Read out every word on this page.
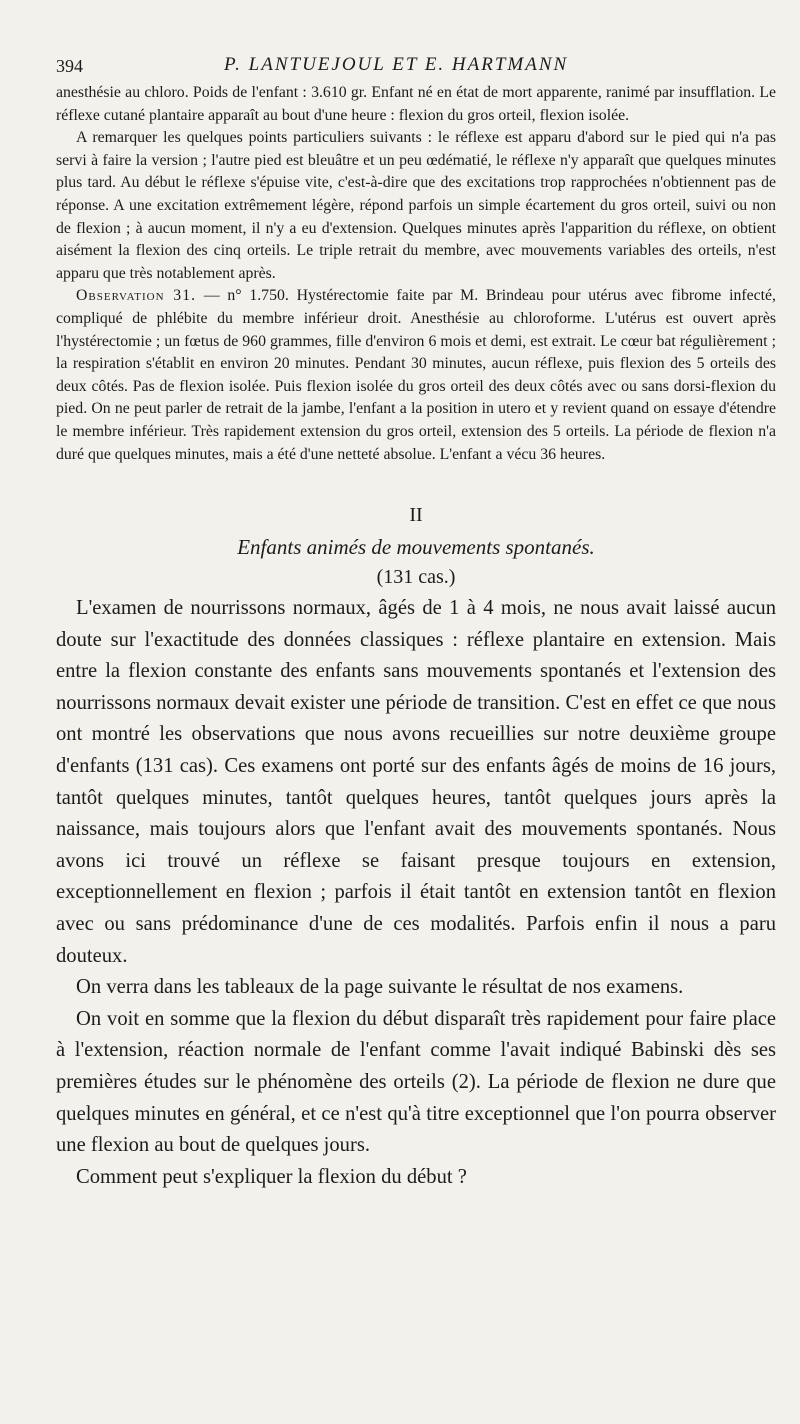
394	P. LANTUEJOUL ET E. HARTMANN

anesthésie au chloro. Poids de l'enfant : 3.610 gr. Enfant né en état de mort apparente, ranimé par insufflation. Le réflexe cutané plantaire apparaît au bout d'une heure : flexion du gros orteil, flexion isolée.

A remarquer les quelques points particuliers suivants : le réflexe est apparu d'abord sur le pied qui n'a pas servi à faire la version ; l'autre pied est bleuâtre et un peu œdématié, le réflexe n'y apparaît que quelques minutes plus tard. Au début le réflexe s'épuise vite, c'est-à-dire que des excitations trop rapprochées n'obtiennent pas de réponse. A une excitation extrêmement légère, répond parfois un simple écartement du gros orteil, suivi ou non de flexion ; à aucun moment, il n'y a eu d'extension. Quelques minutes après l'apparition du réflexe, on obtient aisément la flexion des cinq orteils. Le triple retrait du membre, avec mouvements variables des orteils, n'est apparu que très notablement après.

Observation 31. — n° 1.750. Hystérectomie faite par M. Brindeau pour utérus avec fibrome infecté, compliqué de phlébite du membre inférieur droit. Anesthésie au chloroforme. L'utérus est ouvert après l'hystérectomie ; un fœtus de 960 grammes, fille d'environ 6 mois et demi, est extrait. Le cœur bat régulièrement ; la respiration s'établit en environ 20 minutes. Pendant 30 minutes, aucun réflexe, puis flexion des 5 orteils des deux côtés. Pas de flexion isolée. Puis flexion isolée du gros orteil des deux côtés avec ou sans dorsi-flexion du pied. On ne peut parler de retrait de la jambe, l'enfant a la position in utero et y revient quand on essaye d'étendre le membre inférieur. Très rapidement extension du gros orteil, extension des 5 orteils. La période de flexion n'a duré que quelques minutes, mais a été d'une netteté absolue. L'enfant a vécu 36 heures.

II
Enfants animés de mouvements spontanés.
(131 cas.)

L'examen de nourrissons normaux, âgés de 1 à 4 mois, ne nous avait laissé aucun doute sur l'exactitude des données classiques : réflexe plantaire en extension. Mais entre la flexion constante des enfants sans mouvements spontanés et l'extension des nourrissons normaux devait exister une période de transition. C'est en effet ce que nous ont montré les observations que nous avons recueillies sur notre deuxième groupe d'enfants (131 cas). Ces examens ont porté sur des enfants âgés de moins de 16 jours, tantôt quelques minutes, tantôt quelques heures, tantôt quelques jours après la naissance, mais toujours alors que l'enfant avait des mouvements spontanés. Nous avons ici trouvé un réflexe se faisant presque toujours en extension, exceptionnellement en flexion ; parfois il était tantôt en extension tantôt en flexion avec ou sans prédominance d'une de ces modalités. Parfois enfin il nous a paru douteux.

On verra dans les tableaux de la page suivante le résultat de nos examens.

On voit en somme que la flexion du début disparaît très rapidement pour faire place à l'extension, réaction normale de l'enfant comme l'avait indiqué Babinski dès ses premières études sur le phénomène des orteils (2). La période de flexion ne dure que quelques minutes en général, et ce n'est qu'à titre exceptionnel que l'on pourra observer une flexion au bout de quelques jours.

Comment peut s'expliquer la flexion du début ?
